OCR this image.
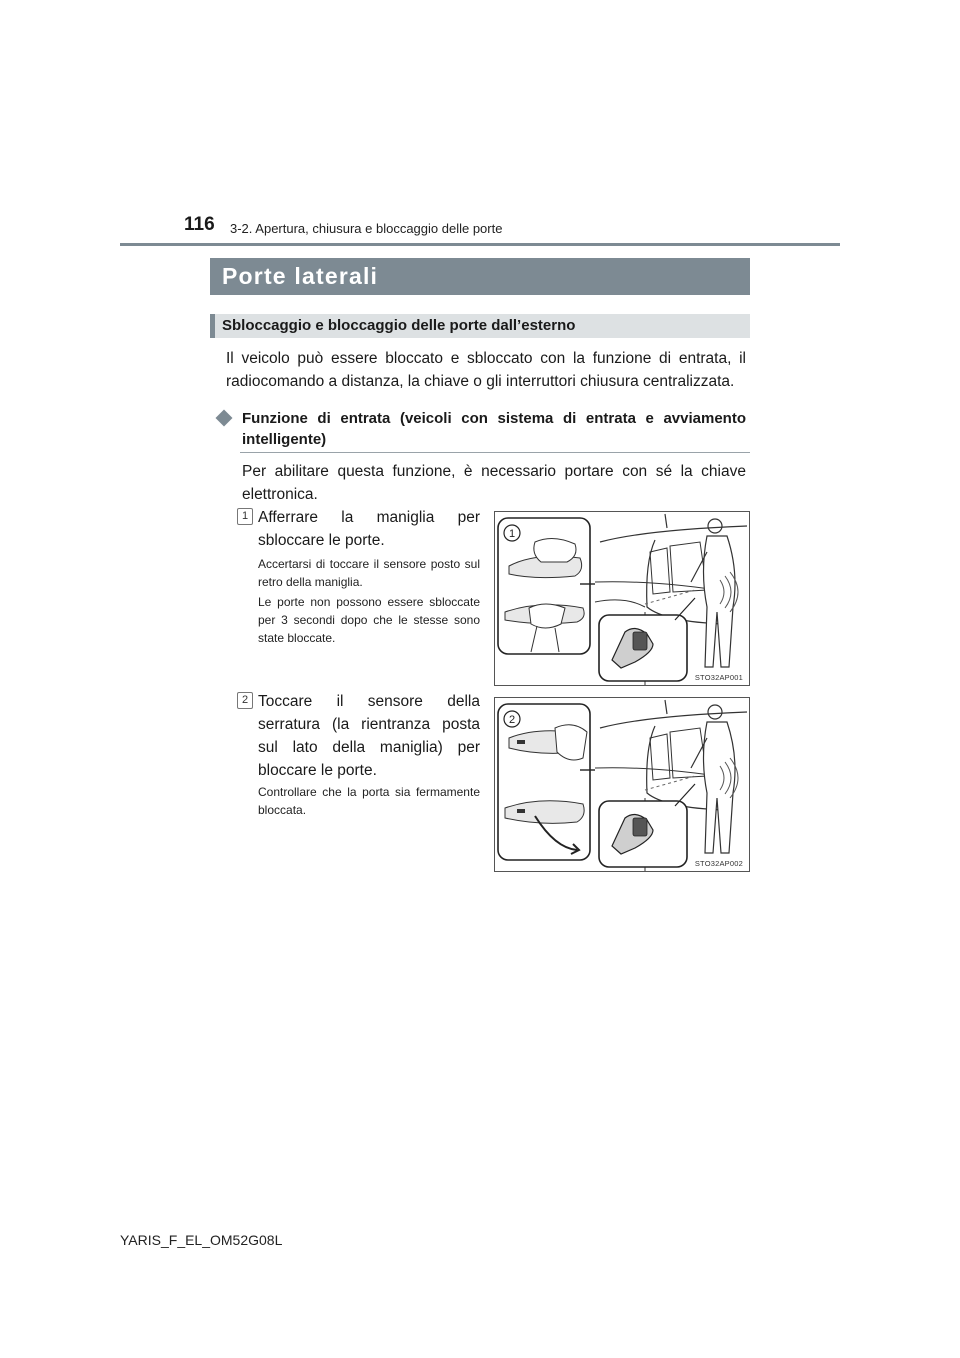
116 3-2. Apertura, chiusura e bloccaggio delle porte
Porte laterali
Sbloccaggio e bloccaggio delle porte dall’esterno
Il veicolo può essere bloccato e sbloccato con la funzione di entrata, il radiocomando a distanza, la chiave o gli interruttori chiusura centralizzata.
Funzione di entrata (veicoli con sistema di entrata e avviamento intelligente)
Per abilitare questa funzione, è necessario portare con sé la chiave elettronica.
1 Afferrare la maniglia per sbloccare le porte.
Accertarsi di toccare il sensore posto sul retro della maniglia.
Le porte non possono essere sbloccate per 3 secondi dopo che le stesse sono state bloccate.
1
STO32AP001
2 Toccare il sensore della serratura (la rientranza posta sul lato della maniglia) per bloccare le porte.
Controllare che la porta sia fermamente bloccata.
2
STO32AP002
YARIS_F_EL_OM52G08L
